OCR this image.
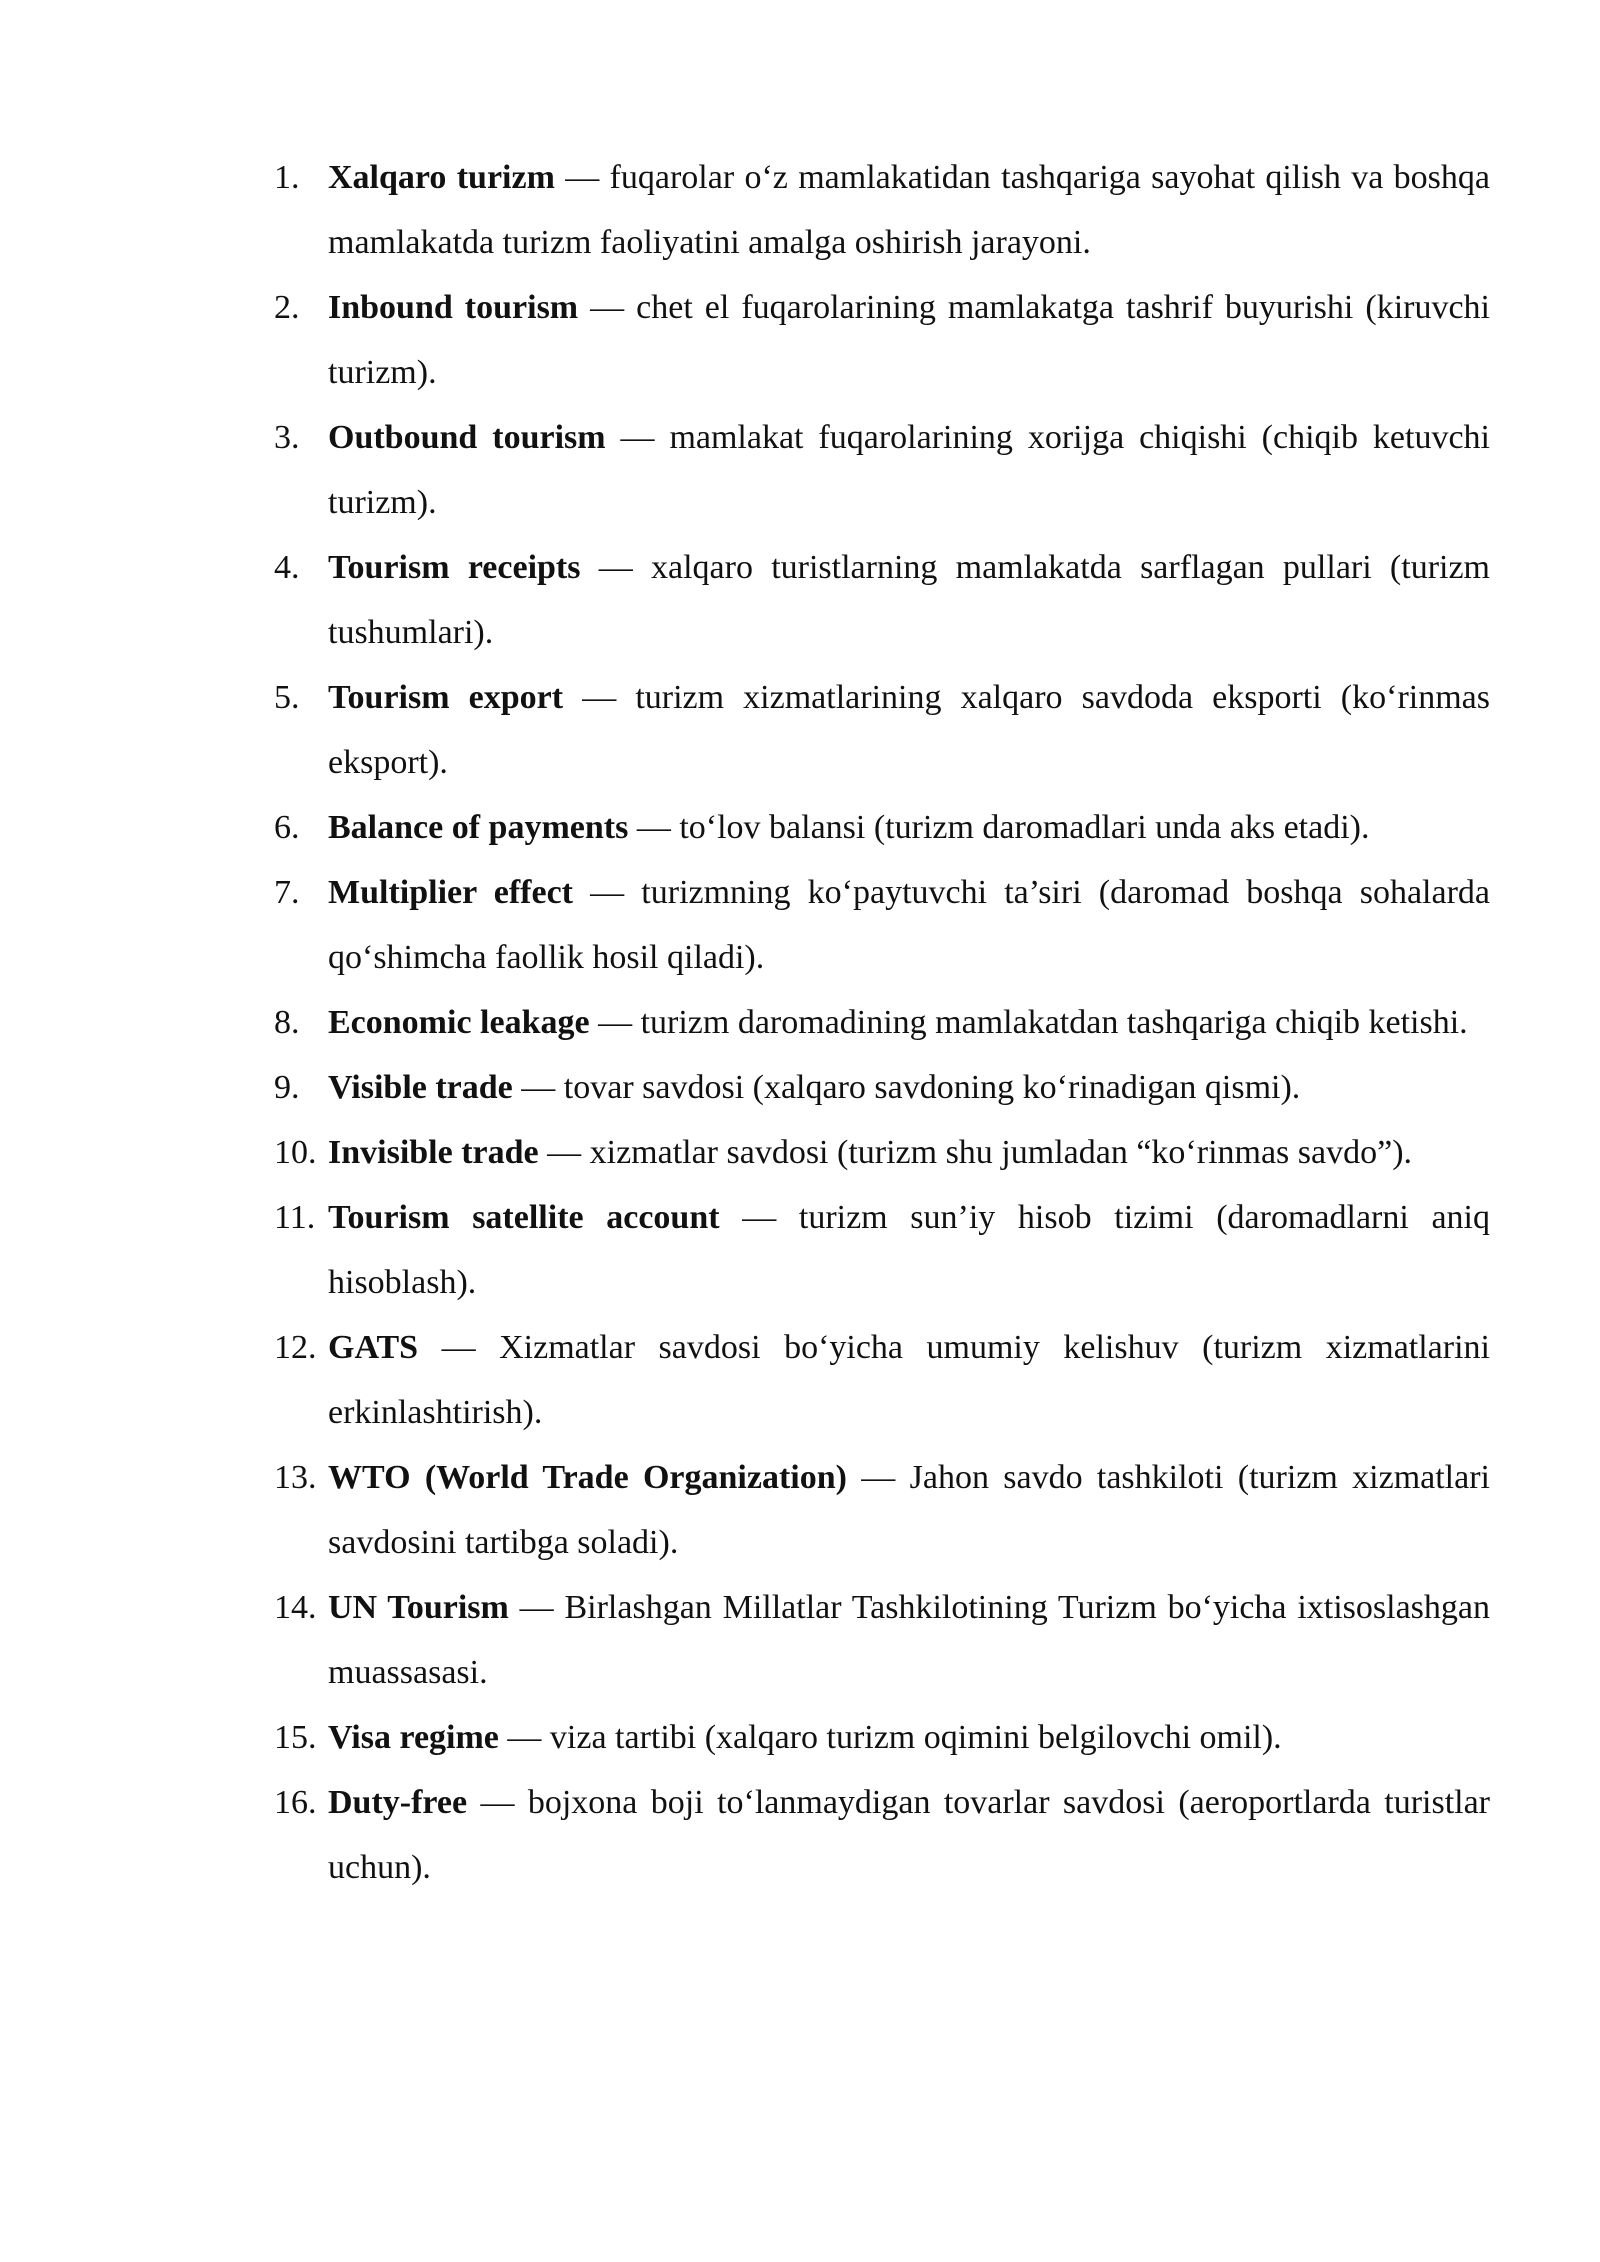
1. Xalqaro turizm — fuqarolar o‘z mamlakatidan tashqariga sayohat qilish va boshqa mamlakatda turizm faoliyatini amalga oshirish jarayoni.
2. Inbound tourism — chet el fuqarolarining mamlakatga tashrif buyurishi (kiruvchi turizm).
3. Outbound tourism — mamlakat fuqarolarining xorijga chiqishi (chiqib ketuvchi turizm).
4. Tourism receipts — xalqaro turistlarning mamlakatda sarflagan pullari (turizm tushumlari).
5. Tourism export — turizm xizmatlarining xalqaro savdoda eksporti (ko‘rinmas eksport).
6. Balance of payments — to‘lov balansi (turizm daromadlari unda aks etadi).
7. Multiplier effect — turizmning ko‘paytuvchi ta’siri (daromad boshqa sohalarda qo‘shimcha faollik hosil qiladi).
8. Economic leakage — turizm daromadining mamlakatdan tashqariga chiqib ketishi.
9. Visible trade — tovar savdosi (xalqaro savdoning ko‘rinadigan qismi).
10. Invisible trade — xizmatlar savdosi (turizm shu jumladan “ko‘rinmas savdo”).
11. Tourism satellite account — turizm sun’iy hisob tizimi (daromadlarni aniq hisoblash).
12. GATS — Xizmatlar savdosi bo‘yicha umumiy kelishuv (turizm xizmatlarini erkinlashtirish).
13. WTO (World Trade Organization) — Jahon savdo tashkiloti (turizm xizmatlari savdosini tartibga soladi).
14. UN Tourism — Birlashgan Millatlar Tashkilotining Turizm bo‘yicha ixtisoslashgan muassasasi.
15. Visa regime — viza tartibi (xalqaro turizm oqimini belgilovchi omil).
16. Duty-free — bojxona boji to‘lanmaydigan tovarlar savdosi (aeroportlarda turistlar uchun).
